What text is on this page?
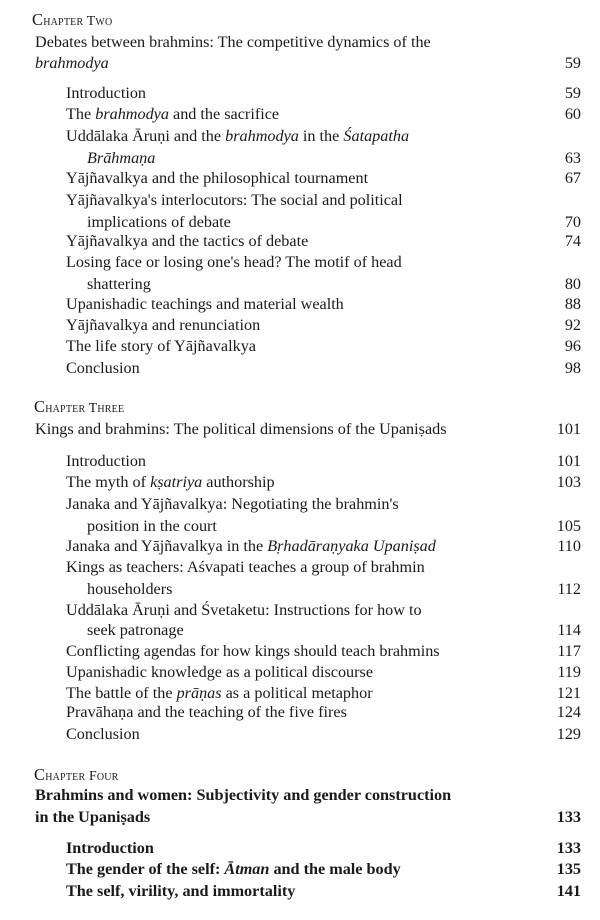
Chapter Two
Debates between brahmins: The competitive dynamics of the
brahmodya	59
Introduction	59
The brahmodya and the sacrifice	60
Uddālaka Āruṇi and the brahmodya in the Śatapatha
Brāhmaṇa	63
Yājñavalkya and the philosophical tournament	67
Yājñavalkya's interlocutors: The social and political
implications of debate	70
Yājñavalkya and the tactics of debate	74
Losing face or losing one's head? The motif of head
shattering	80
Upanishadic teachings and material wealth	88
Yājñavalkya and renunciation	92
The life story of Yājñavalkya	96
Conclusion	98
Chapter Three
Kings and brahmins: The political dimensions of the Upaniṣads	101
Introduction	101
The myth of kṣatriya authorship	103
Janaka and Yājñavalkya: Negotiating the brahmin's
position in the court	105
Janaka and Yājñavalkya in the Bṛhadāraṇyaka Upaniṣad	110
Kings as teachers: Aśvapati teaches a group of brahmin
householders	112
Uddālaka Āruṇi and Śvetaketu: Instructions for how to
seek patronage	114
Conflicting agendas for how kings should teach brahmins	117
Upanishadic knowledge as a political discourse	119
The battle of the prāṇas as a political metaphor	121
Pravāhaṇa and the teaching of the five fires	124
Conclusion	129
Chapter Four
Brahmins and women: Subjectivity and gender construction
in the Upaniṣads	133
Introduction	133
The gender of the self: Ātman and the male body	135
The self, virility, and immortality	141
